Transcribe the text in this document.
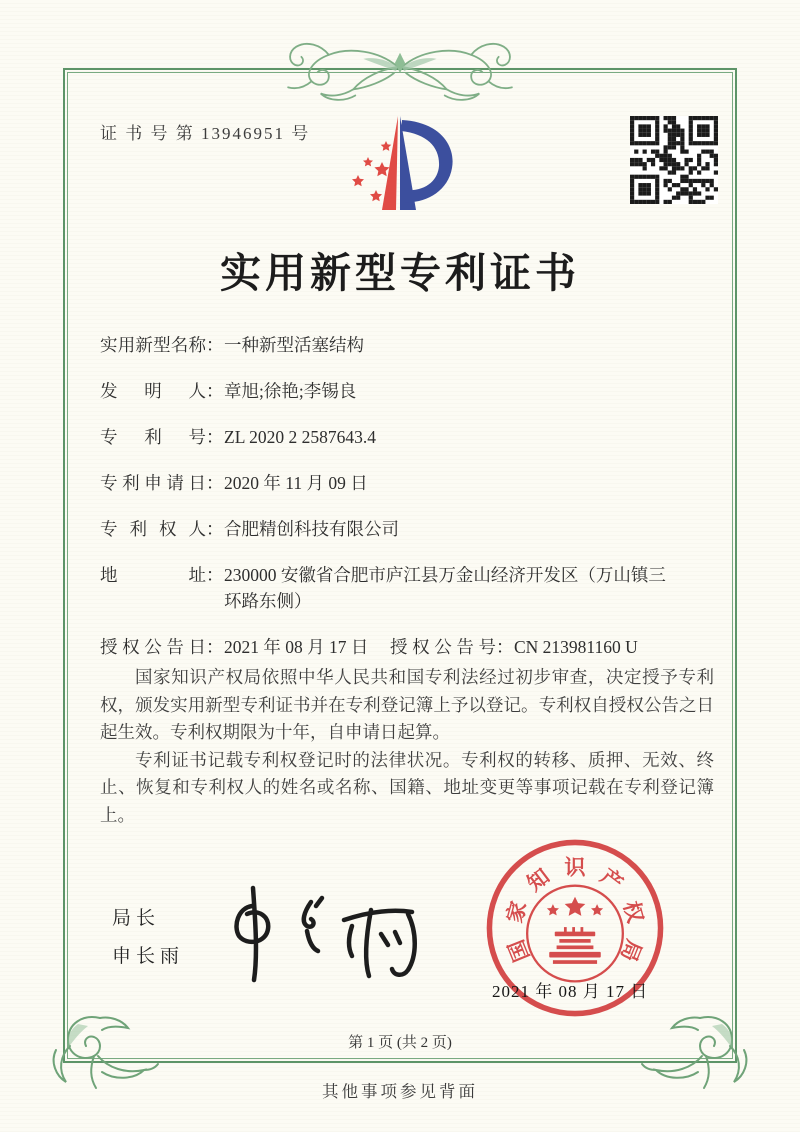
证 书 号 第 13946951 号
实用新型专利证书
实用新型名称 ： 一种新型活塞结构
发明人 ： 章旭;徐艳;李锡良
专利号 ： ZL 2020 2 2587643.4
专利申请日 ： 2020 年 11 月 09 日
专利权人 ： 合肥精创科技有限公司
地址 ： 230000 安徽省合肥市庐江县万金山经济开发区（万山镇三环路东侧）
授权公告日 ： 2021 年 08 月 17 日 授权公告号 ： CN 213981160 U

国家知识产权局依照中华人民共和国专利法经过初步审查，决定授予专利权，颁发实用新型专利证书并在专利登记簿上予以登记。专利权自授权公告之日起生效。专利权期限为十年，自申请日起算。

专利证书记载专利权登记时的法律状况。专利权的转移、质押、无效、终止、恢复和专利权人的姓名或名称、国籍、地址变更等事项记载在专利登记簿上。

局长
申长雨	国
家
知 识 产
权
局
2021 年 08 月 17 日
第 1 页 (共 2 页)
其他事项参见背面
